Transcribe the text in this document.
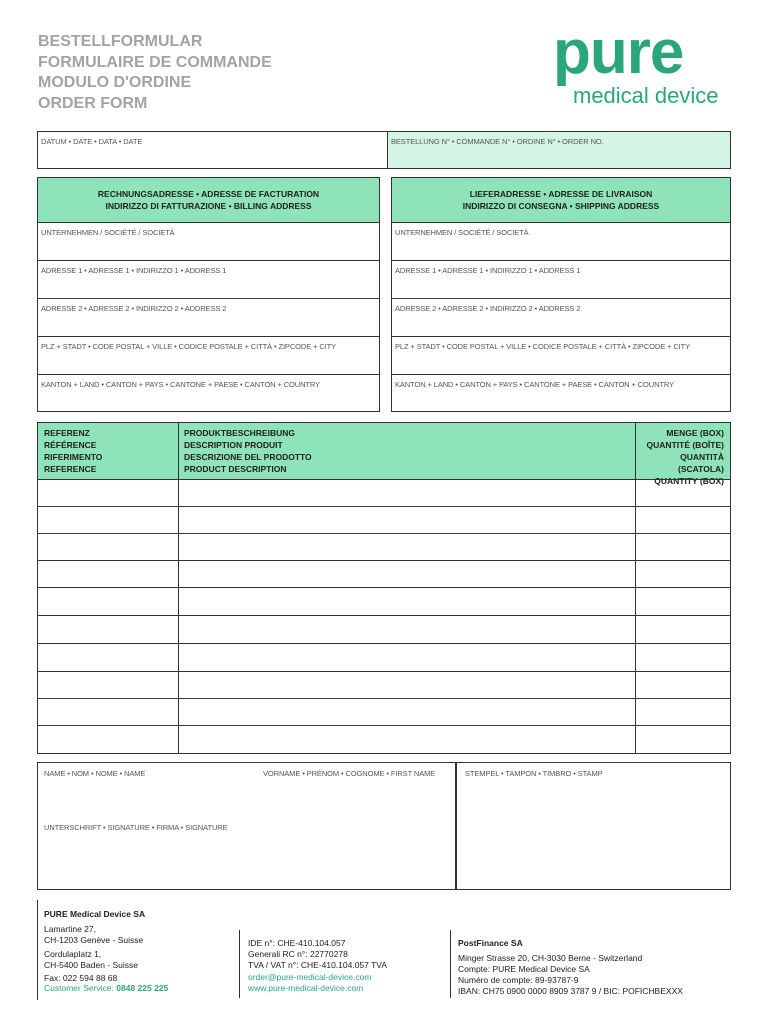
BESTELLFORMULAR
FORMULAIRE DE COMMANDE
MODULO D'ORDINE
ORDER FORM
pure
medical device
DATUM • DATE • DATA • DATE	BESTELLUNG N° • COMMANDE N° • ORDINE N° • ORDER NO.
RECHNUNGSADRESSE • ADRESSE DE FACTURATION
INDIRIZZO DI FATTURAZIONE • BILLING ADDRESS
UNTERNEHMEN / SOCIÉTÉ / SOCIETÀ
ADRESSE 1 • ADRESSE 1 • INDIRIZZO 1 • ADDRESS 1
ADRESSE 2 • ADRESSE 2 • INDIRIZZO 2 • ADDRESS 2
PLZ + STADT • CODE POSTAL + VILLE • CODICE POSTALE + CITTÀ • ZIPCODE + CITY
KANTON + LAND • CANTON + PAYS • CANTONE + PAESE • CANTON + COUNTRY
LIEFERADRESSE • ADRESSE DE LIVRAISON
INDIRIZZO DI CONSEGNA • SHIPPING ADDRESS
UNTERNEHMEN / SOCIÉTÉ / SOCIETÀ
ADRESSE 1 • ADRESSE 1 • INDIRIZZO 1 • ADDRESS 1
ADRESSE 2 • ADRESSE 2 • INDIRIZZO 2 • ADDRESS 2
PLZ + STADT • CODE POSTAL + VILLE • CODICE POSTALE + CITTÀ • ZIPCODE + CITY
KANTON + LAND • CANTON + PAYS • CANTONE + PAESE • CANTON + COUNTRY
REFERENZ
RÉFÉRENCE
RIFERIMENTO
REFERENCE
PRODUKTBESCHREIBUNG
DESCRIPTION PRODUIT
DESCRIZIONE DEL PRODOTTO
PRODUCT DESCRIPTION
MENGE (BOX)
QUANTITÉ (BOÎTE)
QUANTITÀ (SCATOLA)
QUANTITY (BOX)
NAME • NOM • NOME • NAME	VORNAME • PRÉNOM • COGNOME • FIRST NAME
UNTERSCHRIFT • SIGNATURE • FIRMA • SIGNATURE
STEMPEL • TAMPON • TIMBRO • STAMP
PURE Medical Device SA
Lamartine 27,
CH-1203 Genève - Suisse
Cordulaplatz 1,
CH-5400 Baden - Suisse
Fax: 022 594 88 68
Customer Service: 0848 225 225
IDE n°: CHE-410.104.057
Generali RC n°: 22770278
TVA / VAT n°: CHE-410.104.057 TVA
order@pure-medical-device.com
www.pure-medical-device.com
PostFinance SA
Minger Strasse 20, CH-3030 Berne - Switzerland
Compte: PURE Medical Device SA
Numéro de compte: 89-93787-9
IBAN: CH75 0900 0000 8909 3787 9 / BIC: POFICHBEXXX
